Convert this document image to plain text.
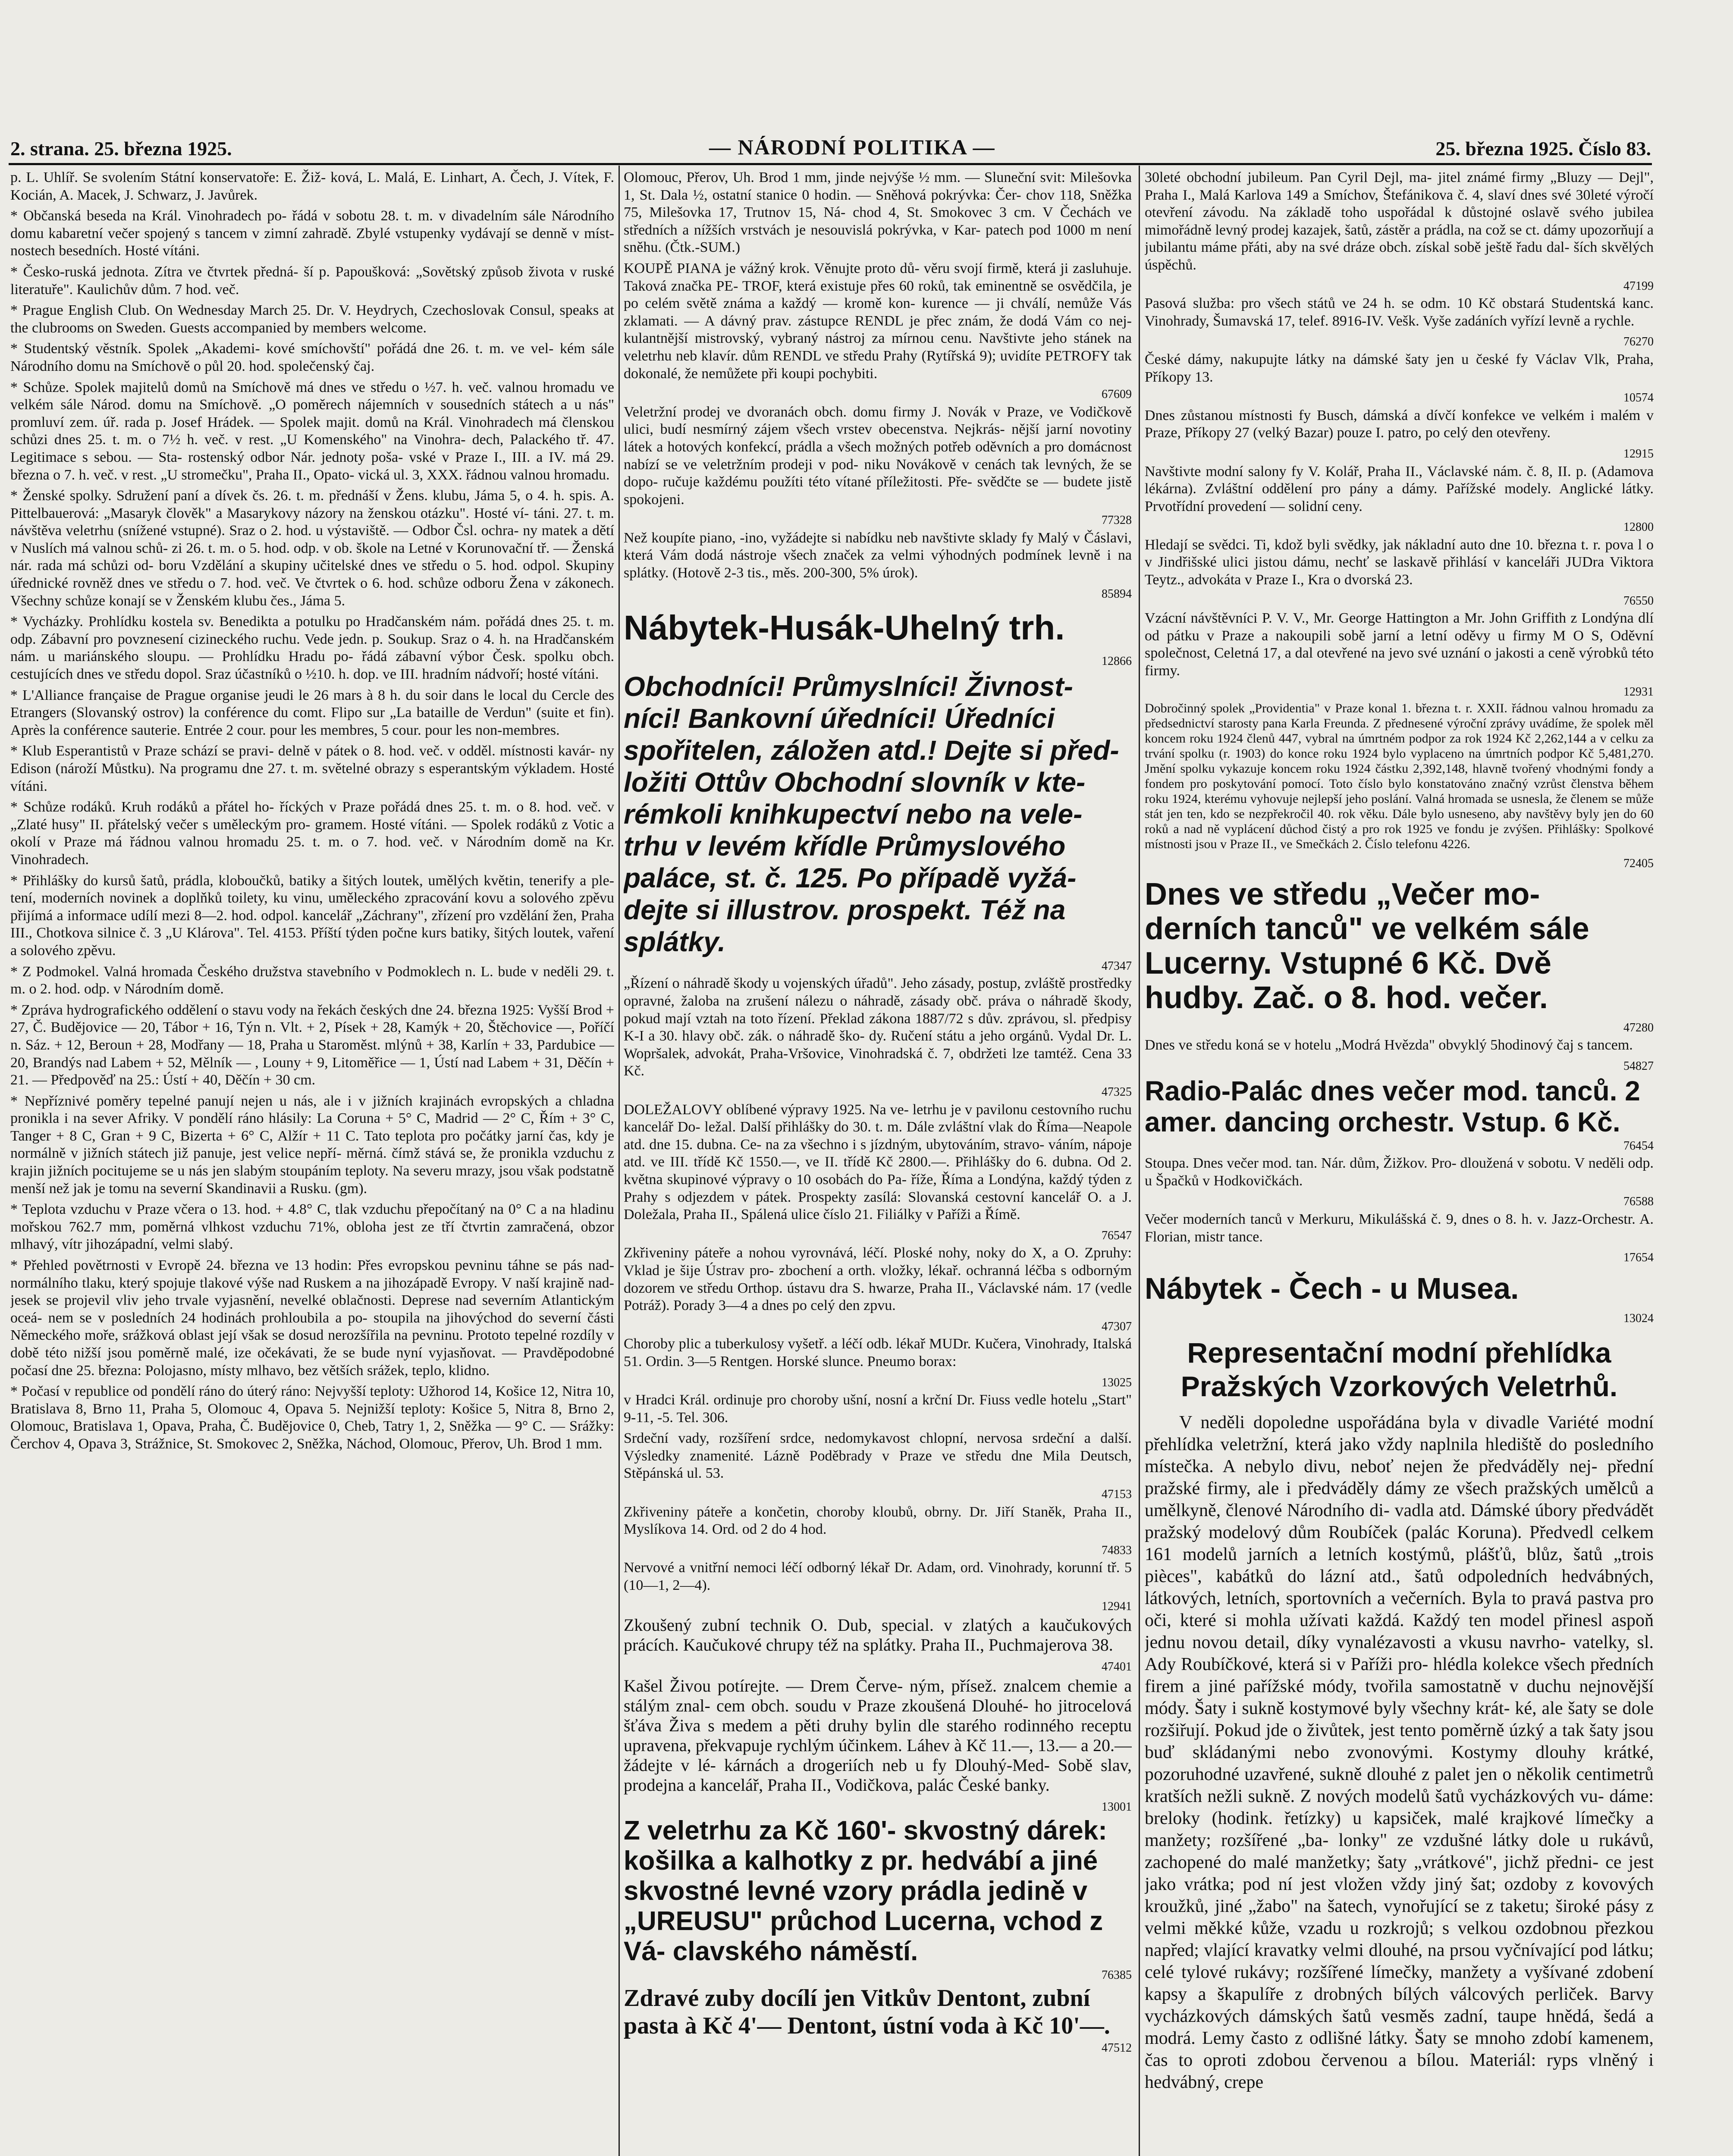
2. strana. 25. března 1925.	— NÁRODNÍ POLITIKA —	25. března 1925. Číslo 83.

p. L. Uhlíř. Se svolením Státní konservatoře: E. Žiž- ková, L. Malá, E. Linhart, A. Čech, J. Vítek, F. Kocián, A. Macek, J. Schwarz, J. Javůrek.

* Občanská beseda na Král. Vinohradech po- řádá v sobotu 28. t. m. v divadelním sále Národního domu kabaretní večer spojený s tancem v zimní zahradě. Zbylé vstupenky vydávají se denně v míst- nostech besedních. Hosté vítáni.

* Česko-ruská jednota. Zítra ve čtvrtek předná- ší p. Papoušková: „Sovětský způsob života v ruské literatuře". Kaulichův dům. 7 hod. več.

* Prague English Club. On Wednesday March 25. Dr. V. Heydrych, Czechoslovak Consul, speaks at the clubrooms on Sweden. Guests accompanied by members welcome.

* Studentský věstník. Spolek „Akademi- kové smíchovští" pořádá dne 26. t. m. ve vel- kém sále Národního domu na Smíchově o půl 20. hod. společenský čaj.

* Schůze. Spolek majitelů domů na Smíchově má dnes ve středu o ½7. h. več. valnou hromadu ve velkém sále Národ. domu na Smíchově. „O poměrech nájemních v sousedních státech a u nás" promluví zem. úř. rada p. Josef Hrádek. — Spolek majit. domů na Král. Vinohradech má členskou schůzi dnes 25. t. m. o 7½ h. več. v rest. „U Komenského" na Vinohra- dech, Palackého tř. 47. Legitimace s sebou. — Sta- rostenský odbor Nár. jednoty poša- vské v Praze I., III. a IV. má 29. března o 7. h. več. v rest. „U stromečku", Praha II., Opato- vická ul. 3, XXX. řádnou valnou hromadu.

* Ženské spolky. Sdružení paní a dívek čs. 26. t. m. přednáší v Žens. klubu, Jáma 5, o 4. h. spis. A. Pittelbauerová: „Masaryk člověk" a Masarykovy názory na ženskou otázku". Hosté ví- táni. 27. t. m. návštěva veletrhu (snížené vstupné). Sraz o 2. hod. u výstaviště. — Odbor Čsl. ochra- ny matek a dětí v Nuslích má valnou schů- zi 26. t. m. o 5. hod. odp. v ob. škole na Letné v Korunovační tř. — Ženská nár. rada má schůzi od- boru Vzdělání a skupiny učitelské dnes ve středu o 5. hod. odpol. Skupiny úřednické rovněž dnes ve středu o 7. hod. več. Ve čtvrtek o 6. hod. schůze odboru Žena v zákonech. Všechny schůze konají se v Ženském klubu čes., Jáma 5.

* Vycházky. Prohlídku kostela sv. Benedikta a potulku po Hradčanském nám. pořádá dnes 25. t. m. odp. Zábavní pro povznesení cizineckého ruchu. Vede jedn. p. Soukup. Sraz o 4. h. na Hradčanském nám. u mariánského sloupu. — Prohlídku Hradu po- řádá zábavní výbor Česk. spolku obch. cestujících dnes ve středu dopol. Sraz účastníků o ½10. h. dop. ve III. hradním nádvoří; hosté vítáni.

* L'Alliance française de Prague organise jeudi le 26 mars à 8 h. du soir dans le local du Cercle des Etrangers (Slovanský ostrov) la conférence du comt. Flipo sur „La bataille de Verdun" (suite et fin). Après la conférence sauterie. Entrée 2 cour. pour les membres, 5 cour. pour les non-membres.

* Klub Esperantistů v Praze schází se pravi- delně v pátek o 8. hod. več. v odděl. místnosti kavár- ny Edison (nároží Můstku). Na programu dne 27. t. m. světelné obrazy s esperantským výkladem. Hosté vítáni.

* Schůze rodáků. Kruh rodáků a přátel ho- říckých v Praze pořádá dnes 25. t. m. o 8. hod. več. v „Zlaté husy" II. přátelský večer s uměleckým pro- gramem. Hosté vítáni. — Spolek rodáků z Votic a okolí v Praze má řádnou valnou hromadu 25. t. m. o 7. hod. več. v Národním domě na Kr. Vinohradech.

* Přihlášky do kursů šatů, prádla, kloboučků, batiky a šitých loutek, umělých květin, tenerify a ple- tení, moderních novinek a doplňků toilety, ku vinu, uměleckého zpracování kovu a solového zpěvu přijímá a informace udílí mezi 8—2. hod. odpol. kancelář „Záchrany", zřízení pro vzdělání žen, Praha III., Chotkova silnice č. 3 „U Klárova". Tel. 4153. Příští týden počne kurs batiky, šitých loutek, vaření a solového zpěvu.

* Z Podmokel. Valná hromada Českého družstva stavebního v Podmoklech n. L. bude v neděli 29. t. m. o 2. hod. odp. v Národním domě.

* Zpráva hydrografického oddělení o stavu vody na řekách českých dne 24. března 1925: Vyšší Brod + 27, Č. Budějovice — 20, Tábor + 16, Týn n. Vlt. + 2, Písek + 28, Kamýk + 20, Štěchovice —, Poříčí n. Sáz. + 12, Beroun + 28, Modřany — 18, Praha u Staroměst. mlýnů + 38, Karlín + 33, Pardubice — 20, Brandýs nad Labem + 52, Mělník — , Louny + 9, Litoměřice — 1, Ústí nad Labem + 31, Děčín + 21. — Předpověď na 25.: Ústí + 40, Děčín + 30 cm.

* Nepříznivé poměry tepelné panují nejen u nás, ale i v jižních krajinách evropských a chladna pronikla i na sever Afriky. V pondělí ráno hlásily: La Coruna + 5° C, Madrid — 2° C, Řím + 3° C, Tanger + 8 C, Gran + 9 C, Bizerta + 6° C, Alžír + 11 C. Tato teplota pro počátky jarní čas, kdy je normálně v jižních státech již panuje, jest velice nepří- měrná. čímž stává se, že pronikla vzduchu z krajin jižních pocitujeme se u nás jen slabým stoupáním teploty. Na severu mrazy, jsou však podstatně menší než jak je tomu na severní Skandinavii a Rusku. (gm).

* Teplota vzduchu v Praze včera o 13. hod. + 4.8° C, tlak vzduchu přepočítaný na 0° C a na hladinu mořskou 762.7 mm, poměrná vlhkost vzduchu 71%, obloha jest ze tří čtvrtin zamračená, obzor mlhavý, vítr jihozápadní, velmi slabý.

* Přehled povětrnosti v Evropě 24. března ve 13 hodin: Přes evropskou pevninu táhne se pás nad- normálního tlaku, který spojuje tlakové výše nad Ruskem a na jihozápadě Evropy. V naší krajině nad- jesek se projevil vliv jeho trvale vyjasnění, nevelké oblačnosti. Deprese nad severním Atlantickým oceá- nem se v posledních 24 hodinách prohloubila a po- stoupila na jihovýchod do severní části Německého moře, srážková oblast její však se dosud nerozšířila na pevninu. Prototo tepelné rozdíly v době této nižší jsou poměrně malé, ize očekávati, že se bude nyní vyjasňovat. — Pravděpodobné počasí dne 25. března: Polojasno, místy mlhavo, bez větších srážek, teplo, klidno.

* Počasí v republice od pondělí ráno do úterý ráno: Nejvyšší teploty: Užhorod 14, Košice 12, Nitra 10, Bratislava 8, Brno 11, Praha 5, Olomouc 4, Opava 5. Nejnižší teploty: Košice 5, Nitra 8, Brno 2, Olomouc, Bratislava 1, Opava, Praha, Č. Budějovice 0, Cheb, Tatry 1, 2, Sněžka — 9° C. — Srážky: Čerchov 4, Opava 3, Strážnice, St. Smokovec 2, Sněžka, Náchod, Olomouc, Přerov, Uh. Brod 1 mm.

Olomouc, Přerov, Uh. Brod 1 mm, jinde nejvýše ½ mm. — Sluneční svit: Milešovka 1, St. Dala ½, ostatní stanice 0 hodin. — Sněhová pokrývka: Čer- chov 118, Sněžka 75, Milešovka 17, Trutnov 15, Ná- chod 4, St. Smokovec 3 cm. V Čechách ve středních a nížších vrstvách je nesouvislá pokrývka, v Kar- patech pod 1000 m není sněhu. (Čtk.-SUM.)

KOUPĚ PIANA je vážný krok. Věnujte proto dů- věru svojí firmě, která ji zasluhuje. Taková značka PE- TROF, která existuje přes 60 roků, tak eminentně se osvědčila, je po celém světě známa a každý — kromě kon- kurence — ji chválí, nemůže Vás zklamati. — A dávný prav. zástupce RENDL je přec znám, že dodá Vám co nej- kulantnější mistrovský, vybraný nástroj za mírnou cenu. Navštivte jeho stánek na veletrhu neb klavír. dům RENDL ve středu Prahy (Rytířská 9); uvidíte PETROFY tak dokonalé, že nemůžete při koupi pochybiti.

67609

Veletržní prodej ve dvoranách obch. domu firmy J. Novák v Praze, ve Vodičkově ulici, budí nesmírný zájem všech vrstev obecenstva. Nejkrás- nější jarní novotiny látek a hotových konfekcí, prádla a všech možných potřeb oděvních a pro domácnost nabízí se ve veletržním prodeji v pod- niku Novákově v cenách tak levných, že se dopo- ručuje každému použíti této vítané příležitosti. Pře- svědčte se — budete jistě spokojeni.

77328

Než koupíte piano, -ino, vyžádejte si nabídku neb navštivte sklady fy Malý v Čáslavi, která Vám dodá nástroje všech značek za velmi výhodných podmínek levně i na splátky. (Hotově 2-3 tis., měs. 200-300, 5% úrok).

85894
Nábytek-Husák-Uhelný trh.
12866
Obchodníci! Průmyslníci! Živnost- níci! Bankovní úředníci! Úředníci spořitelen, záložen atd.! Dejte si před- ložiti Ottův Obchodní slovník v kte- rémkoli knihkupectví nebo na vele- trhu v levém křídle Průmyslového paláce, st. č. 125. Po případě vyžá- dejte si illustrov. prospekt. Též na splátky.
47347

„Řízení o náhradě škody u vojenských úřadů". Jeho zásady, postup, zvláště prostředky opravné, žaloba na zrušení nálezu o náhradě, zásady obč. práva o náhradě škody, pokud mají vztah na toto řízení. Překlad zákona 1887/72 s dův. zprávou, sl. předpisy K-I a 30. hlavy obč. zák. o náhradě ško- dy. Ručení státu a jeho orgánů. Vydal Dr. L. Wopršalek, advokát, Praha-Vršovice, Vinohradská č. 7, obdržeti lze tamtéž. Cena 33 Kč.

47325

DOLEŽALOVY oblíbené výpravy 1925. Na ve- letrhu je v pavilonu cestovního ruchu kancelář Do- ležal. Další přihlášky do 30. t. m. Dále zvláštní vlak do Říma—Neapole atd. dne 15. dubna. Ce- na za všechno i s jízdným, ubytováním, stravo- váním, nápoje atd. ve III. třídě Kč 1550.—, ve II. třídě Kč 2800.—. Přihlášky do 6. dubna. Od 2. května skupinové výpravy o 10 osobách do Pa- říže, Říma a Londýna, každý týden z Prahy s odjezdem v pátek. Prospekty zasílá: Slovanská cestovní kancelář O. a J. Doležala, Praha II., Spálená ulice číslo 21. Filiálky v Paříži a Římě.

76547

Zkřiveniny páteře a nohou vyrovnává, léčí. Ploské nohy, noky do X, a O. Zpruhy: Vklad je šije Ústrav pro- zbochení a orth. vložky, lékař. ochranná léčba s odborným dozorem ve středu Orthop. ústavu dra S. hwarze, Praha II., Václavské nám. 17 (vedle Potráž). Porady 3—4 a dnes po celý den zpvu.

47307

Choroby plic a tuberkulosy vyšetř. a léčí odb. lékař MUDr. Kučera, Vinohrady, Italská 51. Ordin. 3—5 Rentgen. Horské slunce. Pneumo borax:

13025

v Hradci Král. ordinuje pro choroby ušní, nosní a krční Dr. Fiuss vedle hotelu „Start" 9-11, -5. Tel. 306.

Srdeční vady, rozšíření srdce, nedomykavost chlopní, nervosa srdeční a další. Výsledky znamenité. Lázně Poděbrady v Praze ve středu dne Mila Deutsch, Stěpánská ul. 53.

47153

Zkřiveniny páteře a končetin, choroby kloubů, obrny. Dr. Jiří Staněk, Praha II., Myslíkova 14. Ord. od 2 do 4 hod.

74833

Nervové a vnitřní nemoci léčí odborný lékař Dr. Adam, ord. Vinohrady, korunní tř. 5 (10—1, 2—4).

12941

Zkoušený zubní technik O. Dub, special. v zlatých a kaučukových prácích. Kaučukové chrupy též na splátky. Praha II., Puchmajerova 38.

47401

Kašel Živou potírejte. — Drem Červe- ným, přísež. znalcem chemie a stálým znal- cem obch. soudu v Praze zkoušená Dlouhé- ho jitrocelová šťáva Živa s medem a pěti druhy bylin dle starého rodinného receptu upravena, překvapuje rychlým účinkem. Láhev à Kč 11.—, 13.— a 20.— žádejte v lé- kárnách a drogeriích neb u fy Dlouhý-Med- Sobě slav, prodejna a kancelář, Praha II., Vodičkova, palác České banky.

13001
Z veletrhu za Kč 160'- skvostný dárek: košilka a kalhotky z pr. hedvábí a jiné skvostné levné vzory prádla jedině v „UREUSU" průchod Lucerna, vchod z Vá- clavského náměstí.
76385
Zdravé zuby docílí jen Vitkův Dentont, zubní pasta à Kč 4'— Dentont, ústní voda à Kč 10'—.
47512

30leté obchodní jubileum. Pan Cyril Dejl, ma- jitel známé firmy „Bluzy — Dejl", Praha I., Malá Karlova 149 a Smíchov, Štefánikova č. 4, slaví dnes své 30leté výročí otevření závodu. Na základě toho uspořádal k důstojné oslavě svého jubilea mimořádně levný prodej kazajek, šatů, zástěr a prádla, na což se ct. dámy upozorňují a jubilantu máme přáti, aby na své dráze obch. získal sobě ještě řadu dal- ších skvělých úspěchů.

47199

Pasová služba: pro všech států ve 24 h. se odm. 10 Kč obstará Studentská kanc. Vinohrady, Šumavská 17, telef. 8916-IV. Vešk. Vyše zadáních vyřízí levně a rychle.

76270

České dámy, nakupujte látky na dámské šaty jen u české fy Václav Vlk, Praha, Příkopy 13.

10574

Dnes zůstanou místnosti fy Busch, dámská a dívčí konfekce ve velkém i malém v Praze, Příkopy 27 (velký Bazar) pouze I. patro, po celý den otevřeny.

12915

Navštivte modní salony fy V. Kolář, Praha II., Václavské nám. č. 8, II. p. (Adamova lékárna). Zvláštní oddělení pro pány a dámy. Pařížské modely. Anglické látky. Prvotřídní provedení — solidní ceny.

12800

Hledají se svědci. Ti, kdož byli svědky, jak nákladní auto dne 10. března t. r. pova l o v Jindřišské ulici jistou dámu, nechť se laskavě přihlásí v kanceláři JUDra Viktora Teytz., advokáta v Praze I., Kra o dvorská 23.

76550

Vzácní návštěvníci P. V. V., Mr. George Hattington a Mr. John Griffith z Londýna dlí od pátku v Praze a nakoupili sobě jarní a letní oděvy u firmy M O S, Oděvní společnost, Celetná 17, a dal otevřené na jevo své uznání o jakosti a ceně výrobků této firmy.

12931

Dobročinný spolek „Providentia" v Praze konal 1. března t. r. XXII. řádnou valnou hromadu za předsednictví starosty pana Karla Freunda. Z přednesené výroční zprávy uvádíme, že spolek měl koncem roku 1924 členů 447, vybral na úmrtném podpor za rok 1924 Kč 2,262,144 a v celku za trvání spolku (r. 1903) do konce roku 1924 bylo vyplaceno na úmrtních podpor Kč 5,481,270. Jmění spolku vykazuje koncem roku 1924 částku 2,392,148, hlavně tvořený vhodnými fondy a fondem pro poskytování pomocí. Toto číslo bylo konstatováno značný vzrůst členstva během roku 1924, kterému vyhovuje nejlepší jeho poslání. Valná hromada se usnesla, že členem se může stát jen ten, kdo se nezpřekročil 40. rok věku. Dále bylo usneseno, aby navštěvy byly jen do 60 roků a nad ně vyplácení důchod čistý a pro rok 1925 ve fondu je zvýšen. Přihlášky: Spolkové místnosti jsou v Praze II., ve Smečkách 2. Číslo telefonu 4226.

72405
Dnes ve středu „Večer mo- derních tanců" ve velkém sále Lucerny. Vstupné 6 Kč. Dvě hudby. Zač. o 8. hod. večer.
47280

Dnes ve středu koná se v hotelu „Modrá Hvězda" obvyklý 5hodinový čaj s tancem.

54827
Radio-Palác dnes večer mod. tanců. 2 amer. dancing orchestr. Vstup. 6 Kč.
76454

Stoupa. Dnes večer mod. tan. Nár. dům, Žižkov. Pro- dloužená v sobotu. V neděli odp. u Špačků v Hodkovičkách.

76588

Večer moderních tanců v Merkuru, Mikulášská č. 9, dnes o 8. h. v. Jazz-Orchestr. A. Florian, mistr tance.

17654
Nábytek - Čech - u Musea.
13024
Representační modní přehlídka Pražských Vzorkových Veletrhů.

V neděli dopoledne uspořádána byla v divadle Variété modní přehlídka veletržní, která jako vždy naplnila hlediště do posledního místečka. A nebylo divu, neboť nejen že předváděly nej- přední pražské firmy, ale i předváděly dámy ze všech pražských umělců a umělkyně, členové Národního di- vadla atd. Dámské úbory předvádět pražský modelový dům Roubíček (palác Koruna). Předvedl celkem 161 modelů jarních a letních kostýmů, plášťů, blůz, šatů „trois pièces", kabátků do lázní atd., šatů odpoledních hedvábných, látkových, letních, sportovních a večerních. Byla to pravá pastva pro oči, které si mohla užívati každá. Každý ten model přinesl aspoň jednu novou detail, díky vynalézavosti a vkusu navrho- vatelky, sl. Ady Roubíčkové, která si v Paříži pro- hlédla kolekce všech předních firem a jiné pařížské módy, tvořila samostatně v duchu nejnovější módy. Šaty i sukně kostymové byly všechny krát- ké, ale šaty se dole rozšiřují. Pokud jde o živůtek, jest tento poměrně úzký a tak šaty jsou buď skládanými nebo zvonovými. Kostymy dlouhy krátké, pozoruhodné uzavřené, sukně dlouhé z palet jen o několik centimetrů kratších nežli sukně. Z nových modelů šatů vycházkových vu- dáme: breloky (hodink. řetízky) u kapsiček, malé krajkové límečky a manžety; rozšířené „ba- lonky" ze vzdušné látky dole u rukávů, zachopené do malé manžetky; šaty „vrátkové", jichž předni- ce jest jako vrátka; pod ní jest vložen vždy jiný šat; ozdoby z kovových kroužků, jiné „žabo" na šatech, vynořující se z taketu; široké pásy z velmi měkké kůže, vzadu u rozkrojů; s velkou ozdobnou přezkou napřed; vlající kravatky velmi dlouhé, na prsou vyčnívající pod látku; celé tylové rukávy; rozšířené límečky, manžety a vyšívané zdobení kapsy a škapulíře z drobných bílých válcových perliček. Barvy vycházkových dámských šatů vesměs zadní, taupe hnědá, šedá a modrá. Lemy často z odlišné látky. Šaty se mnoho zdobí kamenem, čas to oproti zdobou červenou a bílou. Materiál: ryps vlněný i hedvábný, crepe
